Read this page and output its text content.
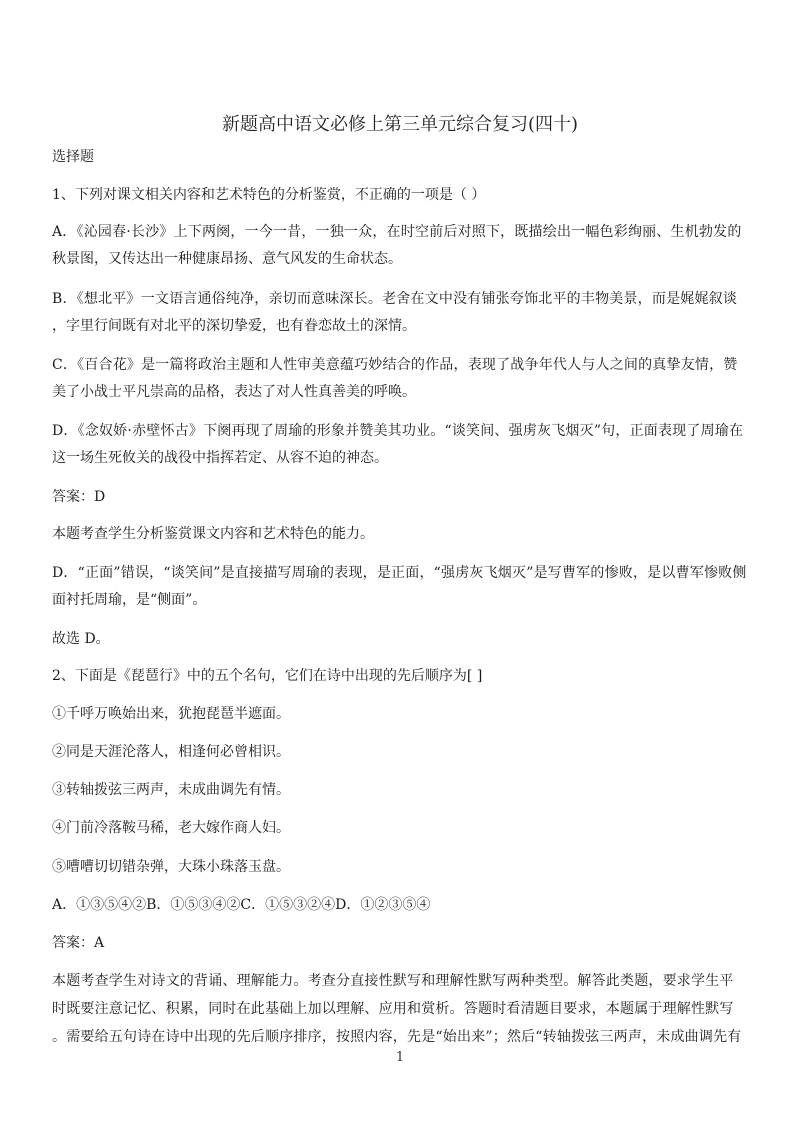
新题高中语文必修上第三单元综合复习(四十)
选择题
1、下列对课文相关内容和艺术特色的分析鉴赏，不正确的一项是（ ）
A．《沁园春·长沙》上下两阕，一今一昔，一独一众，在时空前后对照下，既描绘出一幅色彩绚丽、生机勃发的
秋景图，又传达出一种健康昂扬、意气风发的生命状态。
B．《想北平》一文语言通俗纯净，亲切而意味深长。老舍在文中没有铺张夸饰北平的丰物美景，而是娓娓叙谈
，字里行间既有对北平的深切挚爱，也有眷恋故土的深情。
C．《百合花》是一篇将政治主题和人性审美意蕴巧妙结合的作品，表现了战争年代人与人之间的真挚友情，赞
美了小战士平凡崇高的品格，表达了对人性真善美的呼唤。
D．《念奴娇·赤壁怀古》下阕再现了周瑜的形象并赞美其功业。“谈笑间、强虏灰飞烟灭”句，正面表现了周瑜在
这一场生死攸关的战役中指挥若定、从容不迫的神态。
答案：D
本题考查学生分析鉴赏课文内容和艺术特色的能力。
D．“正面”错误，“谈笑间”是直接描写周瑜的表现，是正面，“强虏灰飞烟灭”是写曹军的惨败，是以曹军惨败侧
面衬托周瑜，是“侧面”。
故选 D。
2、下面是《琵琶行》中的五个名句，它们在诗中出现的先后顺序为[ ]
①千呼万唤始出来，犹抱琵琶半遮面。
②同是天涯沦落人，相逢何必曾相识。
③转轴拨弦三两声，未成曲调先有情。
④门前冷落鞍马稀，老大嫁作商人妇。
⑤嘈嘈切切错杂弹，大珠小珠落玉盘。
A．①③⑤④②B．①⑤③④②C．①⑤③②④D．①②③⑤④
答案：A
本题考查学生对诗文的背诵、理解能力。考查分直接性默写和理解性默写两种类型。解答此类题，要求学生平
时既要注意记忆、积累，同时在此基础上加以理解、应用和赏析。答题时看清题目要求，本题属于理解性默写
。需要给五句诗在诗中出现的先后顺序排序，按照内容，先是“始出来”；然后“转轴拨弦三两声，未成曲调先有
1
